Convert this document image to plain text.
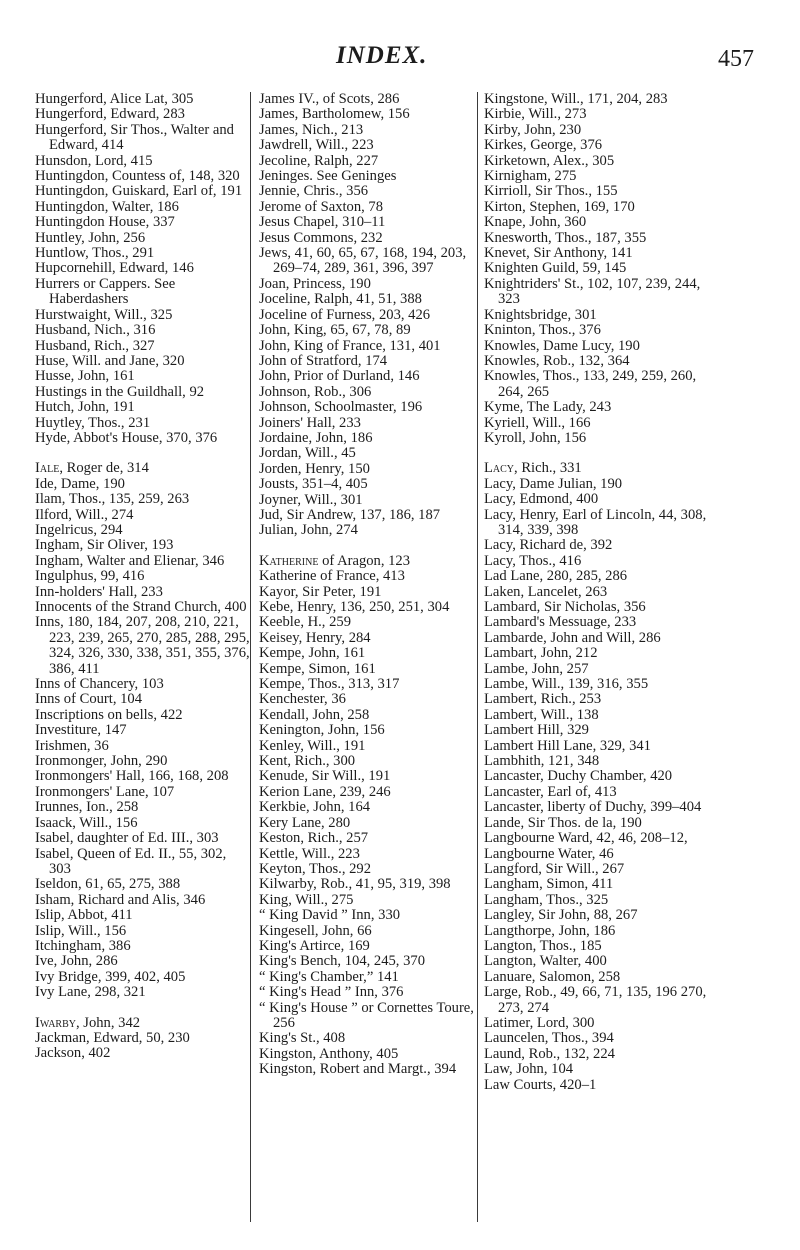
INDEX.	457
Hungerford, Alice Lat, 305
Hungerford, Edward, 283
Hungerford, Sir Thos., Walter and Edward, 414
Hunsdon, Lord, 415
Huntingdon, Countess of, 148, 320
Huntingdon, Guiskard, Earl of, 191
Huntingdon, Walter, 186
Huntingdon House, 337
Huntley, John, 256
Huntlow, Thos., 291
Hupcornehill, Edward, 146
Hurrers or Cappers. See Haberdashers
Hurstwaight, Will., 325
Husband, Nich., 316
Husband, Rich., 327
Huse, Will. and Jane, 320
Husse, John, 161
Hustings in the Guildhall, 92
Hutch, John, 191
Huytley, Thos., 231
Hyde, Abbot's House, 370, 376
Iale, Roger de, 314
Ide, Dame, 190
Ilam, Thos., 135, 259, 263
Ilford, Will., 274
Ingelricus, 294
Ingham, Sir Oliver, 193
Ingham, Walter and Elienar, 346
Ingulphus, 99, 416
Inn-holders' Hall, 233
Innocents of the Strand Church, 400
Inns, 180, 184, 207, 208, 210, 221, 223, 239, 265, 270, 285, 288, 295, 324, 326, 330, 338, 351, 355, 376, 386, 411
Inns of Chancery, 103
Inns of Court, 104
Inscriptions on bells, 422
Investiture, 147
Irishmen, 36
Ironmonger, John, 290
Ironmongers' Hall, 166, 168, 208
Ironmongers' Lane, 107
Irunnes, Ion., 258
Isaack, Will., 156
Isabel, daughter of Ed. III., 303
Isabel, Queen of Ed. II., 55, 302, 303
Iseldon, 61, 65, 275, 388
Isham, Richard and Alis, 346
Islip, Abbot, 411
Islip, Will., 156
Itchingham, 386
Ive, John, 286
Ivy Bridge, 399, 402, 405
Ivy Lane, 298, 321
Iwarby, John, 342
Jackman, Edward, 50, 230
Jackson, 402
James IV., of Scots, 286
James, Bartholomew, 156
James, Nich., 213
Jawdrell, Will., 223
Jecoline, Ralph, 227
Jeninges. See Geninges
Jennie, Chris., 356
Jerome of Saxton, 78
Jesus Chapel, 310–11
Jesus Commons, 232
Jews, 41, 60, 65, 67, 168, 194, 203, 269–74, 289, 361, 396, 397
Joan, Princess, 190
Joceline, Ralph, 41, 51, 388
Joceline of Furness, 203, 426
John, King, 65, 67, 78, 89
John, King of France, 131, 401
John of Stratford, 174
John, Prior of Durland, 146
Johnson, Rob., 306
Johnson, Schoolmaster, 196
Joiners' Hall, 233
Jordaine, John, 186
Jordan, Will., 45
Jorden, Henry, 150
Jousts, 351–4, 405
Joyner, Will., 301
Jud, Sir Andrew, 137, 186, 187
Julian, John, 274
Katherine of Aragon, 123
Katherine of France, 413
Kayor, Sir Peter, 191
Kebe, Henry, 136, 250, 251, 304
Keeble, H., 259
Keisey, Henry, 284
Kempe, John, 161
Kempe, Simon, 161
Kempe, Thos., 313, 317
Kenchester, 36
Kendall, John, 258
Kenington, John, 156
Kenley, Will., 191
Kent, Rich., 300
Kenude, Sir Will., 191
Kerion Lane, 239, 246
Kerkbie, John, 164
Kery Lane, 280
Keston, Rich., 257
Kettle, Will., 223
Keyton, Thos., 292
Kilwarby, Rob., 41, 95, 319, 398
King, Will., 275
“ King David ” Inn, 330
Kingesell, John, 66
King's Artirce, 169
King's Bench, 104, 245, 370
“ King's Chamber,” 141
“ King's Head ” Inn, 376
“ King's House ” or Cornettes Toure, 256
King's St., 408
Kingston, Anthony, 405
Kingston, Robert and Margt., 394
Kingstone, Will., 171, 204, 283
Kirbie, Will., 273
Kirby, John, 230
Kirkes, George, 376
Kirketown, Alex., 305
Kirnigham, 275
Kirrioll, Sir Thos., 155
Kirton, Stephen, 169, 170
Knape, John, 360
Knesworth, Thos., 187, 355
Knevet, Sir Anthony, 141
Knighten Guild, 59, 145
Knightriders' St., 102, 107, 239, 244, 323
Knightsbridge, 301
Kninton, Thos., 376
Knowles, Dame Lucy, 190
Knowles, Rob., 132, 364
Knowles, Thos., 133, 249, 259, 260, 264, 265
Kyme, The Lady, 243
Kyriell, Will., 166
Kyroll, John, 156
Lacy, Rich., 331
Lacy, Dame Julian, 190
Lacy, Edmond, 400
Lacy, Henry, Earl of Lincoln, 44, 308, 314, 339, 398
Lacy, Richard de, 392
Lacy, Thos., 416
Lad Lane, 280, 285, 286
Laken, Lancelet, 263
Lambard, Sir Nicholas, 356
Lambard's Messuage, 233
Lambarde, John and Will, 286
Lambart, John, 212
Lambe, John, 257
Lambe, Will., 139, 316, 355
Lambert, Rich., 253
Lambert, Will., 138
Lambert Hill, 329
Lambert Hill Lane, 329, 341
Lambhith, 121, 348
Lancaster, Duchy Chamber, 420
Lancaster, Earl of, 413
Lancaster, liberty of Duchy, 399–404
Lande, Sir Thos. de la, 190
Langbourne Ward, 42, 46, 208–12,
Langbourne Water, 46
Langford, Sir Will., 267
Langham, Simon, 411
Langham, Thos., 325
Langley, Sir John, 88, 267
Langthorpe, John, 186
Langton, Thos., 185
Langton, Walter, 400
Lanuare, Salomon, 258
Large, Rob., 49, 66, 71, 135, 196 270, 273, 274
Latimer, Lord, 300
Launcelen, Thos., 394
Laund, Rob., 132, 224
Law, John, 104
Law Courts, 420–1
